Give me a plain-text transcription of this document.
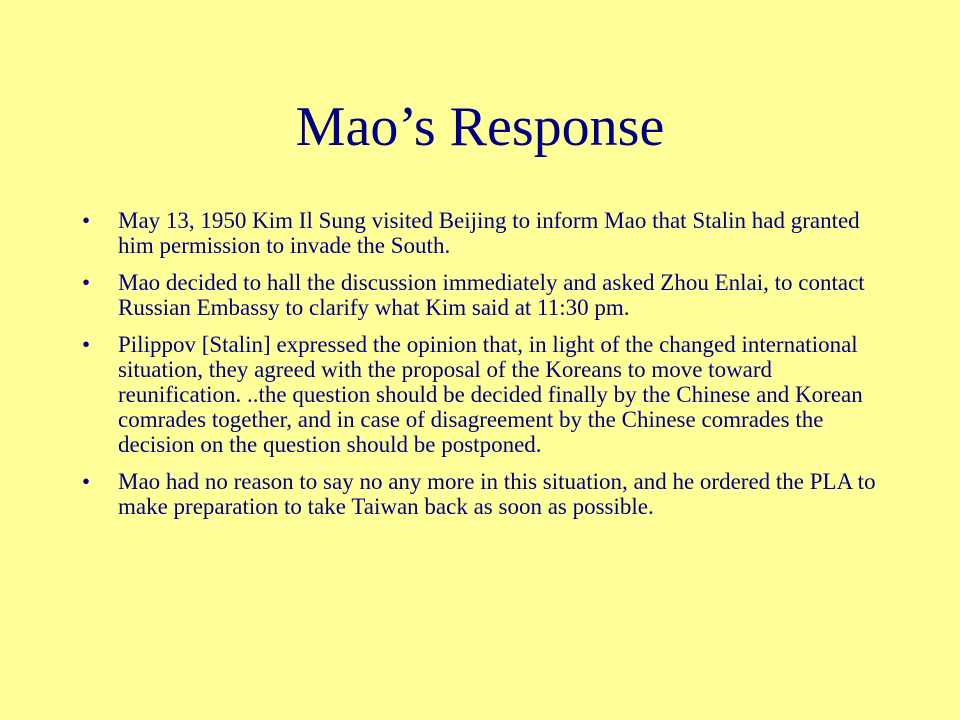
Mao’s Response
• May 13, 1950 Kim Il Sung visited Beijing to inform Mao that Stalin had granted him permission to invade the South.
• Mao decided to hall the discussion immediately and asked Zhou Enlai, to contact Russian Embassy to clarify what Kim said at 11:30 pm.
• Pilippov [Stalin] expressed the opinion that, in light of the changed international situation, they agreed with the proposal of the Koreans to move toward reunification. ..the question should be decided finally by the Chinese and Korean comrades together, and in case of disagreement by the Chinese comrades the decision on the question should be postponed.
• Mao had no reason to say no any more in this situation, and he ordered the PLA to make preparation to take Taiwan back as soon as possible.
